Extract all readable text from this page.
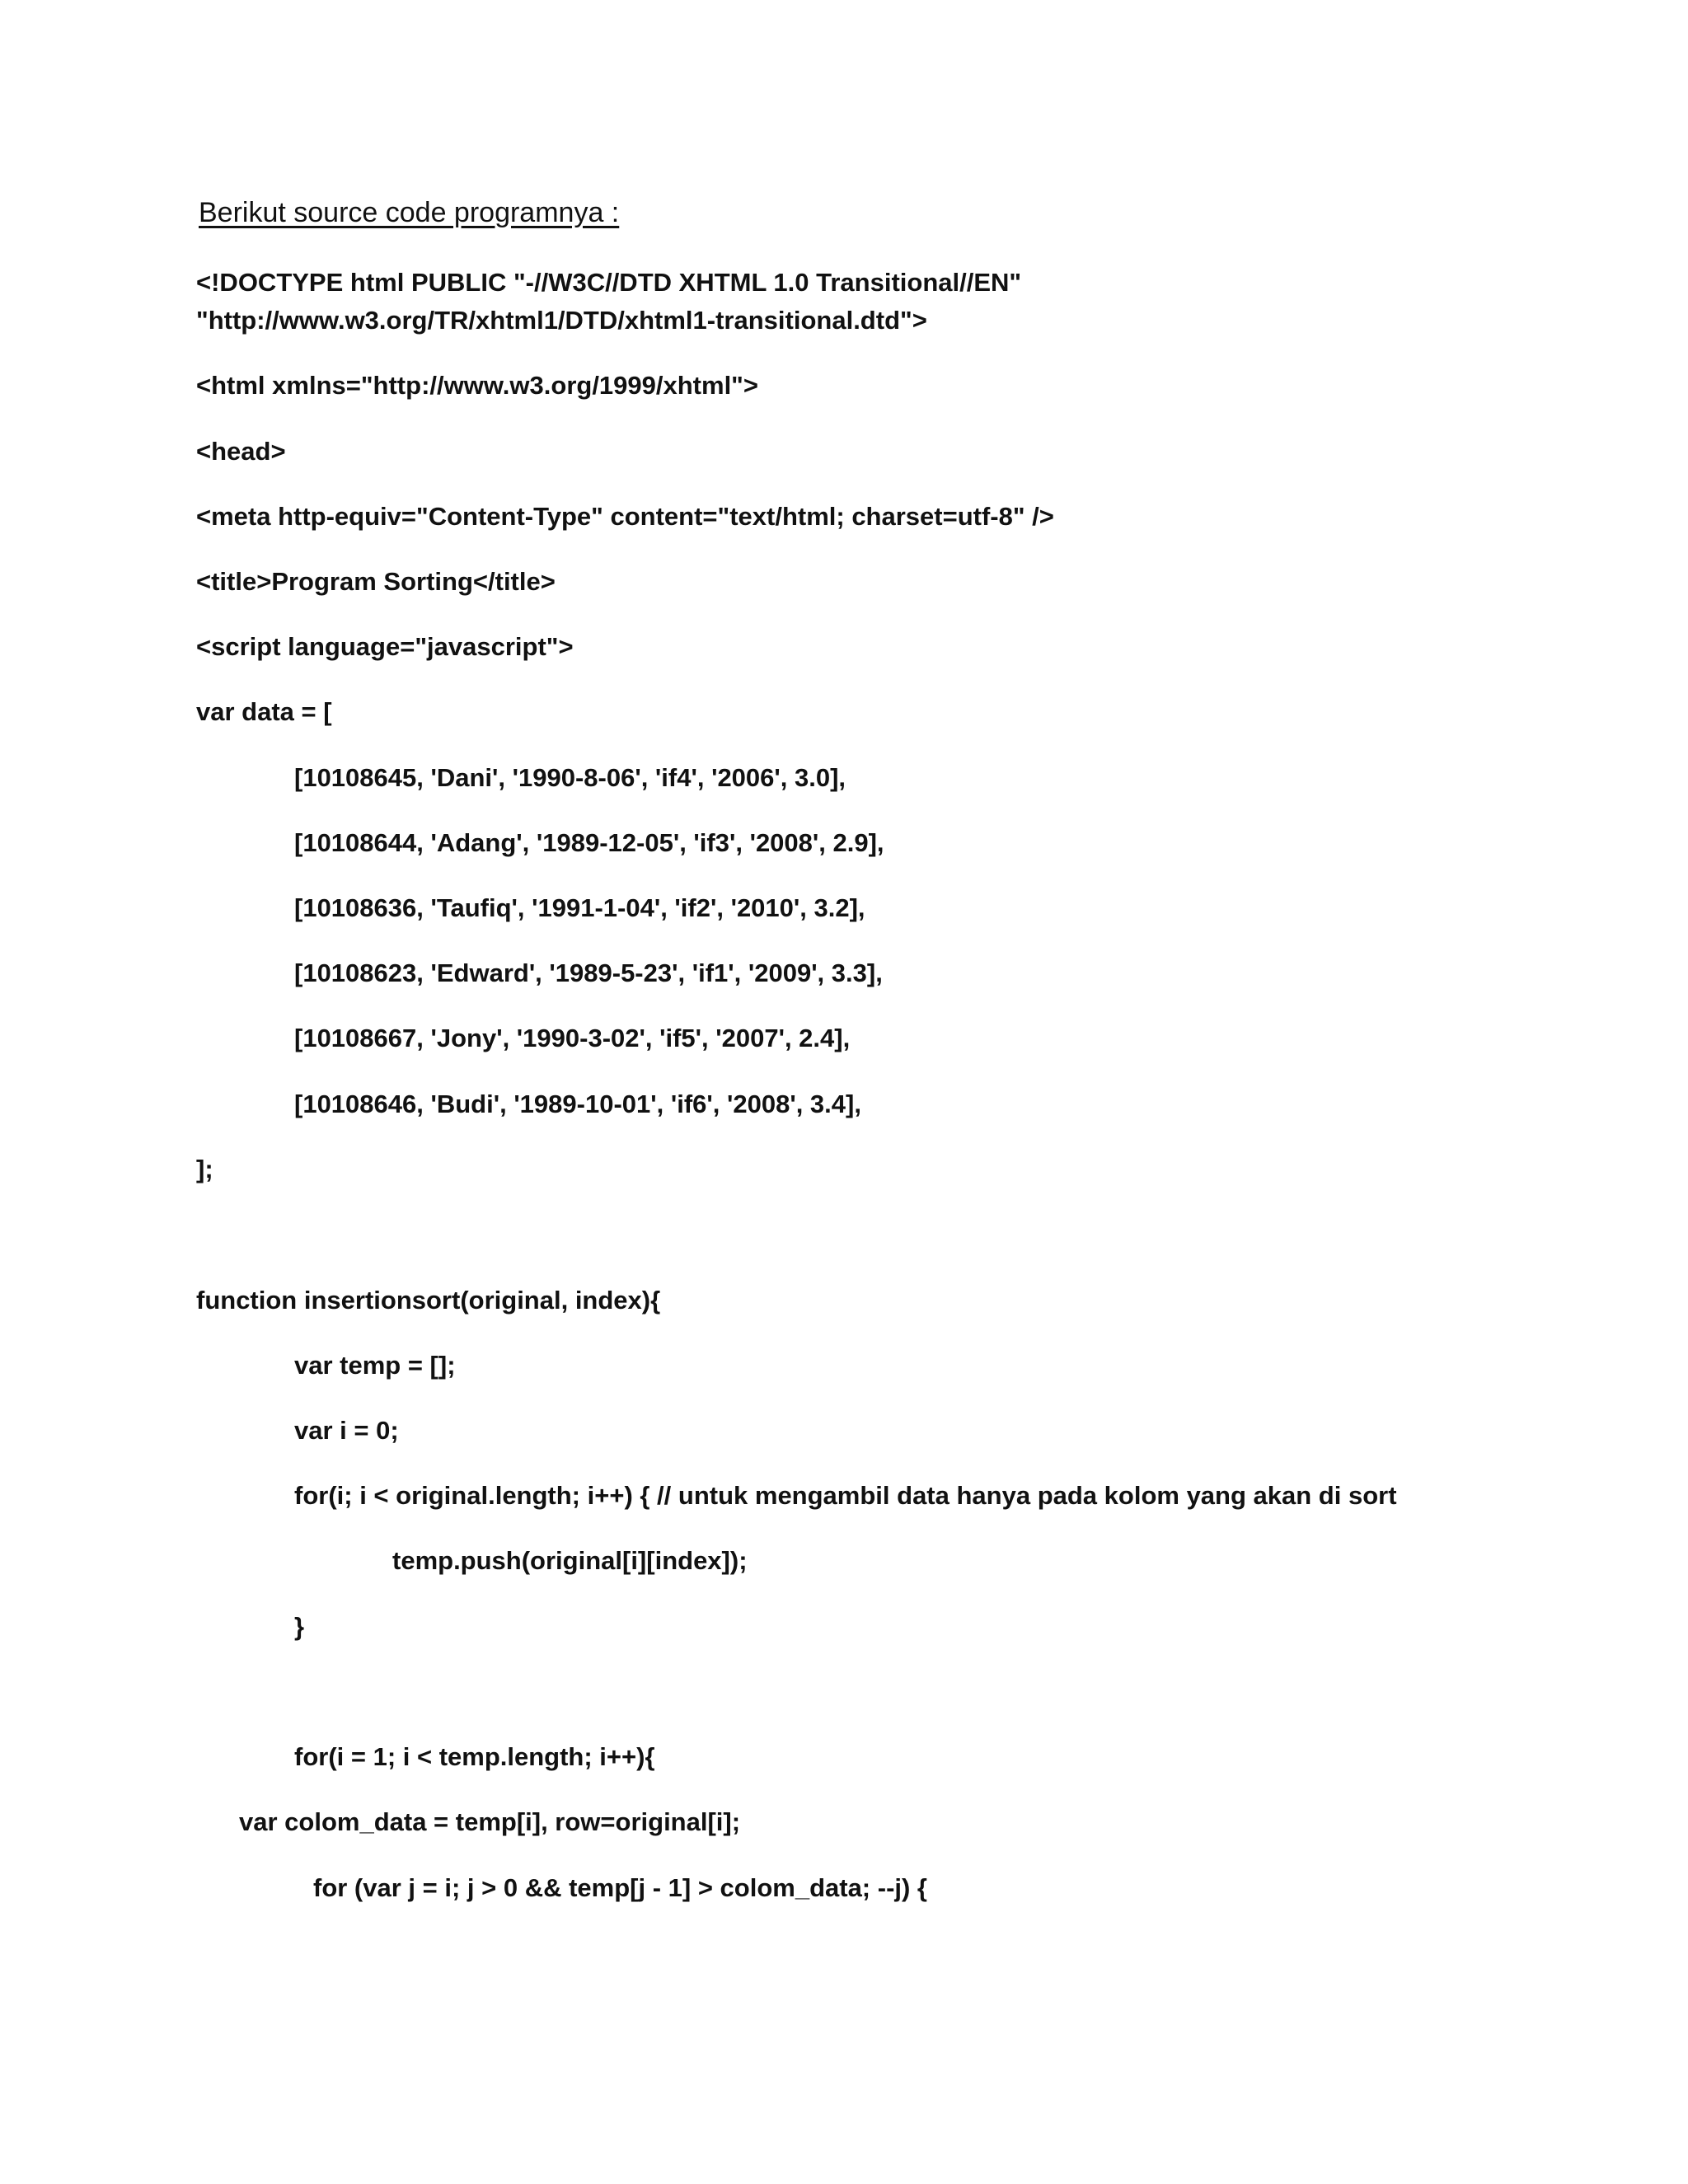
Berikut source code programnya :
<!DOCTYPE html PUBLIC "-//W3C//DTD XHTML 1.0 Transitional//EN"
"http://www.w3.org/TR/xhtml1/DTD/xhtml1-transitional.dtd">
<html xmlns="http://www.w3.org/1999/xhtml">
<head>
<meta http-equiv="Content-Type" content="text/html; charset=utf-8" />
<title>Program Sorting</title>
<script language="javascript">
var data = [
[10108645, 'Dani', '1990-8-06', 'if4', '2006', 3.0],
[10108644, 'Adang', '1989-12-05', 'if3', '2008', 2.9],
[10108636, 'Taufiq', '1991-1-04', 'if2', '2010', 3.2],
[10108623, 'Edward', '1989-5-23', 'if1', '2009', 3.3],
[10108667, 'Jony', '1990-3-02', 'if5', '2007', 2.4],
[10108646, 'Budi', '1989-10-01', 'if6', '2008', 3.4],
];
function insertionsort(original, index){
var temp = [];
var i = 0;
for(i; i < original.length; i++) { // untuk mengambil data hanya pada kolom yang akan di sort
temp.push(original[i][index]);
}
for(i = 1; i < temp.length; i++){
var colom_data = temp[i], row=original[i];
for (var j = i; j > 0 && temp[j - 1] > colom_data; --j) {
